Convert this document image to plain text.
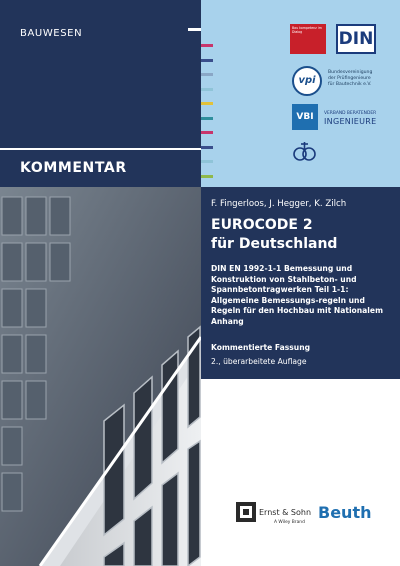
BAUWESEN
KOMMENTAR
Bau kompetenz im Dialog	DIN
vpi
Bundesvereinigung
der Prüfingenieure
für Bautechnik e.V.
VBI	VERBAND BERATENDER
INGENIEURE
F. Fingerloos, J. Hegger, K. Zilch
EUROCODE 2
für Deutschland
DIN EN 1992-1-1 Bemessung und Konstruktion von Stahlbeton- und Spannbetontragwerken Teil 1-1: Allgemeine Bemessungs-regeln und Regeln für den Hochbau mit Nationalem Anhang
Kommentierte Fassung
2., überarbeitete Auflage
Ernst & Sohn
A Wiley Brand
Beuth
